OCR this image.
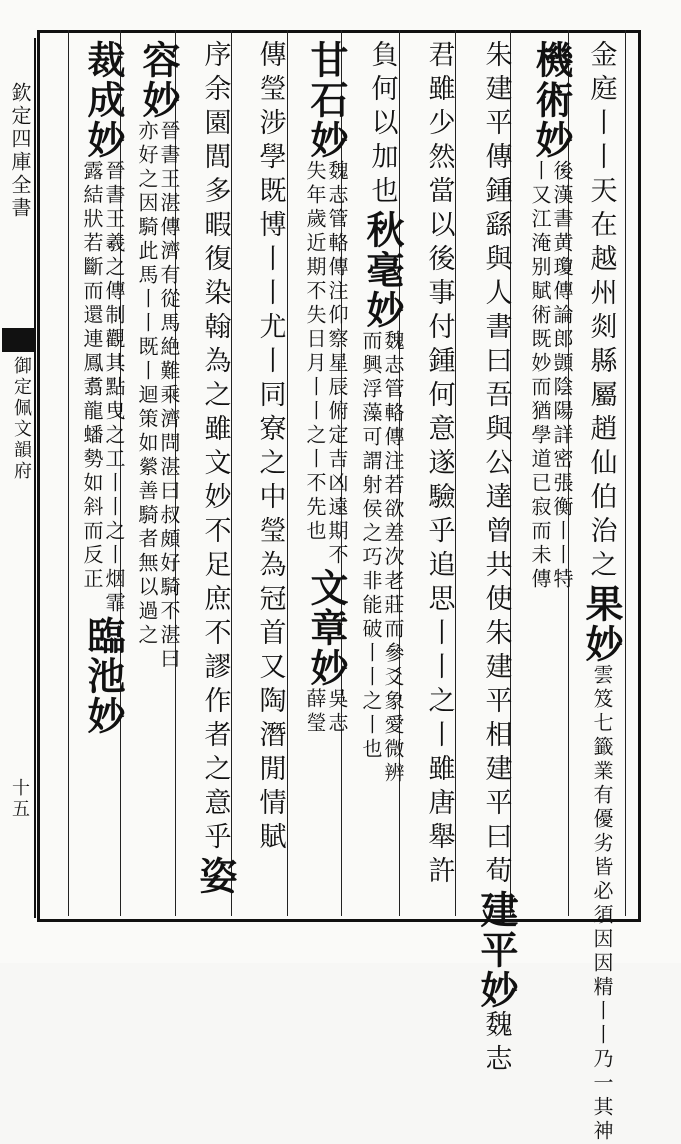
欽定四庫全書
御定佩文韻府
十五
金庭丨丨天在越州
剡縣屬趙仙伯治之
果妙
雲笈七籤業有優劣皆必須因因精丨丨乃一其神
機術妙
後漢書黄瓊傳論郎顗陰陽詳密張衡丨丨特
丨又江淹别賦術既妙而猶學道已寂而未傳
朱建平傳鍾繇與人書曰吾與公達曾共使朱建平相建平曰荀
建平妙
魏志
君雖少然當以後事付鍾何意遂驗乎追思丨丨之丨雖唐舉許
負何以加也
秋毫妙
魏志管輅傳注若欲差次老莊而參爻象愛微辨
而興浮藻可謂射侯之巧非能破丨丨之丨也
甘石妙
魏志管輅傳注仰察星辰俯定吉凶遠期不
失年歲近期不失日月丨丨之丨不先也
文章妙
吳志
薛瑩
傳瑩涉學既博丨丨尤丨同寮之中瑩為冠首又陶潛閒情賦
序余園閭多暇復染翰為之雖文妙不足庶不謬作者之意乎
姿
容妙
晉書王湛傳濟有從馬絶難乘濟問湛曰叔頗好騎不湛曰
亦好之因騎此馬丨丨既丨迴策如縈善騎者無以過之
裁成妙
晉書王羲之傳制觀其點曳之工丨丨之丨烟霏
露結狀若斷而還連鳳翥龍蟠勢如斜而反正
臨池妙
